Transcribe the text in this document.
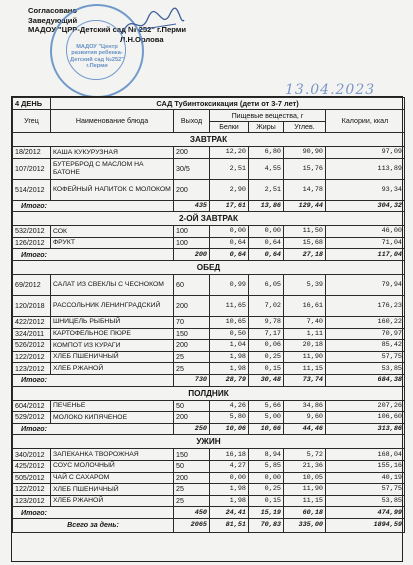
Согласовано
Заведующий
МАДОУ "ЦРР-Детский сад № 252" г.Перми
Л.Н.Орлова
МАДОУ "Центр развития ребенка-Детский сад №252" г.Перми
13.04.2023
4 ДЕНЬ	САД Тубинтоксикация (дети от 3-7 лет)					
Угец	Наименование блюда	Выход	Пищевые вещества, г			Калории, ккал
			Белки	Жиры	Углев.	
ЗАВТРАК						
18/2012	КАША КУКУРУЗНАЯ	200	12,20	6,80	90,90	97,09
107/2012	БУТЕРБРОД С МАСЛОМ НА БАТОНЕ	30/5	2,51	4,55	15,76	113,89
514/2012	КОФЕЙНЫЙ НАПИТОК С МОЛОКОМ	200	2,90	2,51	14,78	93,34
Итого:		435	17,61	13,86	129,44	304,32
2-ОЙ ЗАВТРАК						
532/2012	СОК	100	0,00	0,00	11,50	46,00
126/2012	ФРУКТ	100	0,64	0,64	15,68	71,04
Итого:		200	0,64	0,64	27,18	117,04
ОБЕД						
69/2012	САЛАТ ИЗ СВЕКЛЫ С ЧЕСНОКОМ	60	0,99	6,05	5,39	79,94
120/2018	РАССОЛЬНИК ЛЕНИНГРАДСКИЙ	200	11,65	7,02	16,61	176,23
422/2012	ШНИЦЕЛЬ РЫБНЫЙ	70	10,65	9,78	7,40	160,22
324/2011	КАРТОФЕЛЬНОЕ ПЮРЕ	150	0,50	7,17	1,11	70,97
526/2012	КОМПОТ ИЗ КУРАГИ	200	1,04	0,06	20,18	85,42
122/2012	ХЛЕБ ПШЕНИЧНЫЙ	25	1,98	0,25	11,90	57,75
123/2012	ХЛЕБ РЖАНОЙ	25	1,98	0,15	11,15	53,85
Итого:		730	28,79	30,48	73,74	684,38
ПОЛДНИК						
604/2012	ПЕЧЕНЬЕ	50	4,26	5,66	34,86	207,26
529/2012	МОЛОКО КИПЯЧЕНОЕ	200	5,80	5,00	9,60	106,60
Итого:		250	10,06	10,66	44,46	313,86
УЖИН						
340/2012	ЗАПЕКАНКА ТВОРОЖНАЯ	150	16,18	8,94	5,72	168,04
425/2012	СОУС МОЛОЧНЫЙ	50	4,27	5,85	21,36	155,16
505/2012	ЧАЙ С САХАРОМ	200	0,00	0,00	10,05	40,19
122/2012	ХЛЕБ ПШЕНИЧНЫЙ	25	1,98	0,25	11,90	57,75
123/2012	ХЛЕБ РЖАНОЙ	25	1,98	0,15	11,15	53,85
Итого:		450	24,41	15,19	60,18	474,99
Всего за день:		2065	81,51	70,83	335,00	1894,59
